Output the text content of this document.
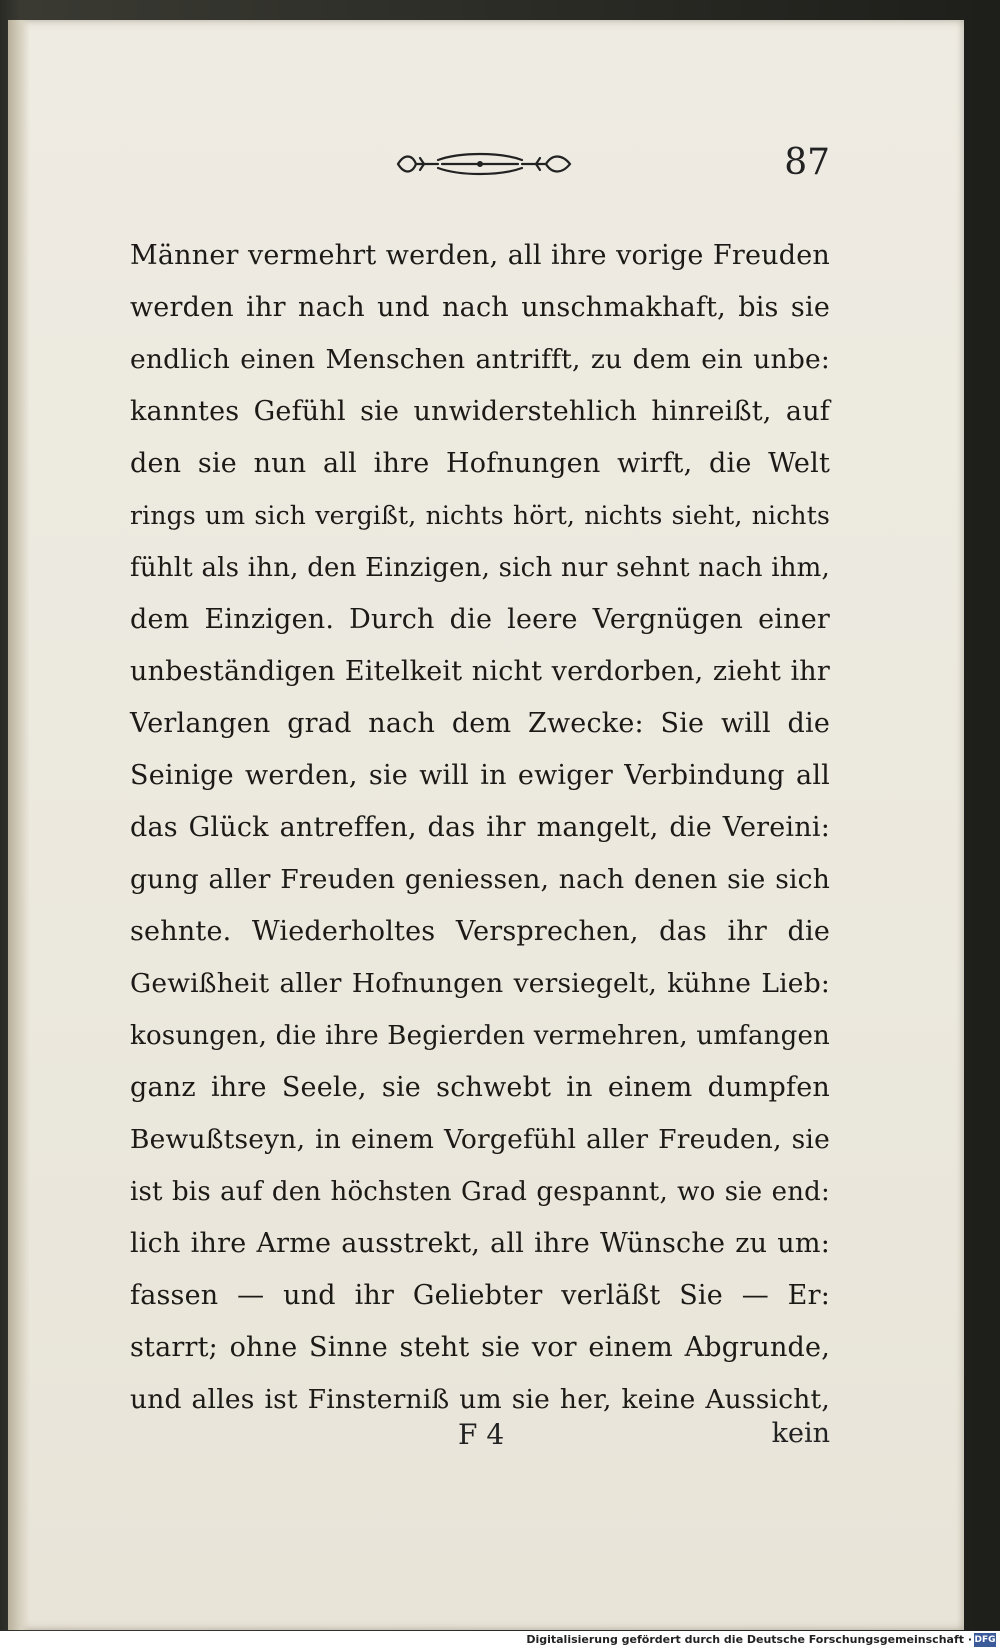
87
Männer vermehrt werden, all ihre vorige Freuden
werden ihr nach und nach unschmakhaft, bis sie
endlich einen Menschen antrifft, zu dem ein unbe:
kanntes Gefühl sie unwiderstehlich hinreißt, auf
den sie nun all ihre Hofnungen wirft, die Welt
rings um sich vergißt, nichts hört, nichts sieht, nichts
fühlt als ihn, den Einzigen, sich nur sehnt nach ihm,
dem Einzigen. Durch die leere Vergnügen einer
unbeständigen Eitelkeit nicht verdorben, zieht ihr
Verlangen grad nach dem Zwecke: Sie will die
Seinige werden, sie will in ewiger Verbindung all
das Glück antreffen, das ihr mangelt, die Vereini:
gung aller Freuden geniessen, nach denen sie sich
sehnte. Wiederholtes Versprechen, das ihr die
Gewißheit aller Hofnungen versiegelt, kühne Lieb:
kosungen, die ihre Begierden vermehren, umfangen
ganz ihre Seele, sie schwebt in einem dumpfen
Bewußtseyn, in einem Vorgefühl aller Freuden, sie
ist bis auf den höchsten Grad gespannt, wo sie end:
lich ihre Arme ausstrekt, all ihre Wünsche zu um:
fassen — und ihr Geliebter verläßt Sie — Er:
starrt; ohne Sinne steht sie vor einem Abgrunde,
und alles ist Finsterniß um sie her, keine Aussicht,
F 4	kein
Digitalisierung gefördert durch die Deutsche Forschungsgemeinschaft · DFG
